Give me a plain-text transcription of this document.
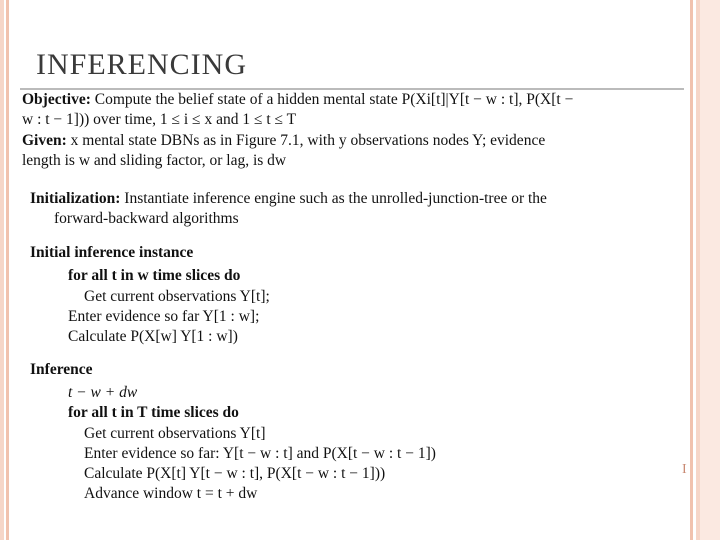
INFERENCING
Objective: Compute the belief state of a hidden mental state P(Xi[t]|Y[t − w : t], P(X[t −
w : t − 1])) over time, 1 ≤ i ≤ x and 1 ≤ t ≤ T
Given: x mental state DBNs as in Figure 7.1, with y observations nodes Y; evidence
length is w and sliding factor, or lag, is dw
Initialization: Instantiate inference engine such as the unrolled-junction-tree or the
forward-backward algorithms
Initial inference instance
for all t in w time slices do
Get current observations Y[t];
Enter evidence so far Y[1 : w];
Calculate P(X[w] Y[1 : w])
Inference
t − w + dw
for all t in T time slices do
Get current observations Y[t]
Enter evidence so far: Y[t − w : t] and P(X[t − w : t − 1])
Calculate P(X[t] Y[t − w : t], P(X[t − w : t − 1]))
Advance window t = t + dw
I
